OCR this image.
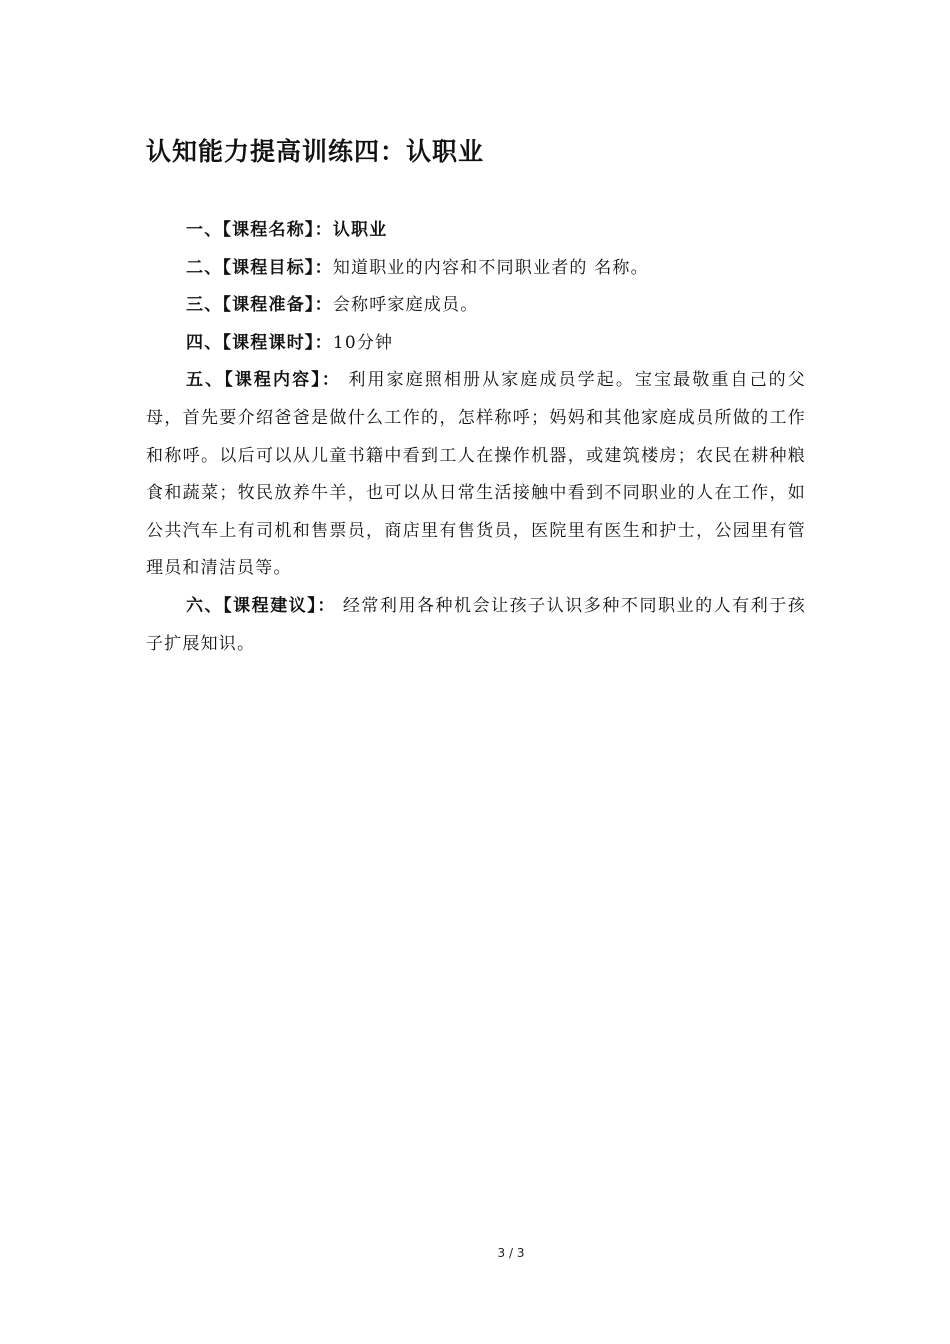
认知能力提高训练四：认职业

一、【课程名称】：认职业

二、【课程目标】：知道职业的内容和不同职业者的 名称。

三、【课程准备】：会称呼家庭成员。

四、【课程课时】：10分钟

五、【课程内容】： 利用家庭照相册从家庭成员学起。宝宝最敬重自己的父母，首先要介绍爸爸是做什么工作的，怎样称呼；妈妈和其他家庭成员所做的工作和称呼。以后可以从儿童书籍中看到工人在操作机器，或建筑楼房；农民在耕种粮食和蔬菜；牧民放养牛羊，也可以从日常生活接触中看到不同职业的人在工作，如公共汽车上有司机和售票员，商店里有售货员，医院里有医生和护士，公园里有管理员和清洁员等。

六、【课程建议】： 经常利用各种机会让孩子认识多种不同职业的人有利于孩子扩展知识。

3 / 3
